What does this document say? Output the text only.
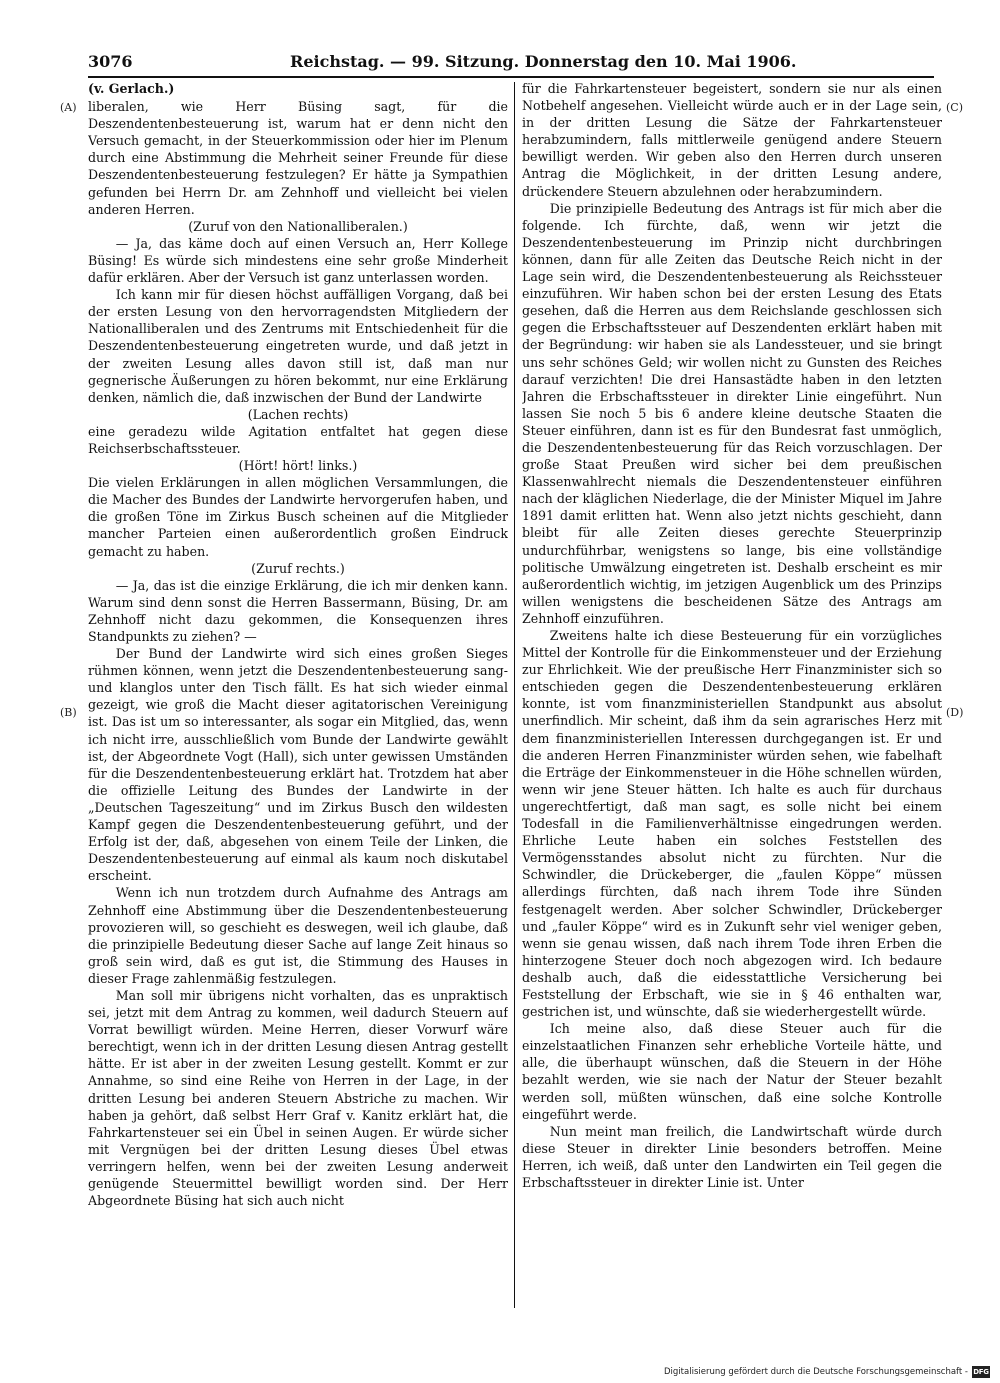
3076	Reichstag. — 99. Sitzung. Donnerstag den 10. Mai 1906.
(A)
(B)
(C)
(D)
(v. Gerlach.)

liberalen, wie Herr Büsing sagt, für die Deszendentenbesteuerung ist, warum hat er denn nicht den Versuch gemacht, in der Steuerkommission oder hier im Plenum durch eine Abstimmung die Mehrheit seiner Freunde für diese Deszendentenbesteuerung festzulegen? Er hätte ja Sympathien gefunden bei Herrn Dr. am Zehnhoff und vielleicht bei vielen anderen Herren.

(Zuruf von den Nationalliberalen.)

— Ja, das käme doch auf einen Versuch an, Herr Kollege Büsing! Es würde sich mindestens eine sehr große Minderheit dafür erklären. Aber der Versuch ist ganz unterlassen worden.

Ich kann mir für diesen höchst auffälligen Vorgang, daß bei der ersten Lesung von den hervorragendsten Mitgliedern der Nationalliberalen und des Zentrums mit Entschiedenheit für die Deszendentenbesteuerung eingetreten wurde, und daß jetzt in der zweiten Lesung alles davon still ist, daß man nur gegnerische Äußerungen zu hören bekommt, nur eine Erklärung denken, nämlich die, daß inzwischen der Bund der Landwirte

(Lachen rechts)

eine geradezu wilde Agitation entfaltet hat gegen diese Reichserbschaftssteuer.

(Hört! hört! links.)

Die vielen Erklärungen in allen möglichen Versammlungen, die die Macher des Bundes der Landwirte hervorgerufen haben, und die großen Töne im Zirkus Busch scheinen auf die Mitglieder mancher Parteien einen außerordentlich großen Eindruck gemacht zu haben.

(Zuruf rechts.)

— Ja, das ist die einzige Erklärung, die ich mir denken kann. Warum sind denn sonst die Herren Bassermann, Büsing, Dr. am Zehnhoff nicht dazu gekommen, die Konsequenzen ihres Standpunkts zu ziehen? —

Der Bund der Landwirte wird sich eines großen Sieges rühmen können, wenn jetzt die Deszendentenbesteuerung sang- und klanglos unter den Tisch fällt. Es hat sich wieder einmal gezeigt, wie groß die Macht dieser agitatorischen Vereinigung ist. Das ist um so interessanter, als sogar ein Mitglied, das, wenn ich nicht irre, ausschließlich vom Bunde der Landwirte gewählt ist, der Abgeordnete Vogt (Hall), sich unter gewissen Umständen für die Deszendentenbesteuerung erklärt hat. Trotzdem hat aber die offizielle Leitung des Bundes der Landwirte in der „Deutschen Tageszeitung“ und im Zirkus Busch den wildesten Kampf gegen die Deszendentenbesteuerung geführt, und der Erfolg ist der, daß, abgesehen von einem Teile der Linken, die Deszendentenbesteuerung auf einmal als kaum noch diskutabel erscheint.

Wenn ich nun trotzdem durch Aufnahme des Antrags am Zehnhoff eine Abstimmung über die Deszendentenbesteuerung provozieren will, so geschieht es deswegen, weil ich glaube, daß die prinzipielle Bedeutung dieser Sache auf lange Zeit hinaus so groß sein wird, daß es gut ist, die Stimmung des Hauses in dieser Frage zahlenmäßig festzulegen.

Man soll mir übrigens nicht vorhalten, das es unpraktisch sei, jetzt mit dem Antrag zu kommen, weil dadurch Steuern auf Vorrat bewilligt würden. Meine Herren, dieser Vorwurf wäre berechtigt, wenn ich in der dritten Lesung diesen Antrag gestellt hätte. Er ist aber in der zweiten Lesung gestellt. Kommt er zur Annahme, so sind eine Reihe von Herren in der Lage, in der dritten Lesung bei anderen Steuern Abstriche zu machen. Wir haben ja gehört, daß selbst Herr Graf v. Kanitz erklärt hat, die Fahrkartensteuer sei ein Übel in seinen Augen. Er würde sicher mit Vergnügen bei der dritten Lesung dieses Übel etwas verringern helfen, wenn bei der zweiten Lesung anderweit genügende Steuermittel bewilligt worden sind. Der Herr Abgeordnete Büsing hat sich auch nicht

für die Fahrkartensteuer begeistert, sondern sie nur als einen Notbehelf angesehen. Vielleicht würde auch er in der Lage sein, in der dritten Lesung die Sätze der Fahrkartensteuer herabzumindern, falls mittlerweile genügend andere Steuern bewilligt werden. Wir geben also den Herren durch unseren Antrag die Möglichkeit, in der dritten Lesung andere, drückendere Steuern abzulehnen oder herabzumindern.

Die prinzipielle Bedeutung des Antrags ist für mich aber die folgende. Ich fürchte, daß, wenn wir jetzt die Deszendentenbesteuerung im Prinzip nicht durchbringen können, dann für alle Zeiten das Deutsche Reich nicht in der Lage sein wird, die Deszendentenbesteuerung als Reichssteuer einzuführen. Wir haben schon bei der ersten Lesung des Etats gesehen, daß die Herren aus dem Reichslande geschlossen sich gegen die Erbschaftssteuer auf Deszendenten erklärt haben mit der Begründung: wir haben sie als Landessteuer, und sie bringt uns sehr schönes Geld; wir wollen nicht zu Gunsten des Reiches darauf verzichten! Die drei Hansastädte haben in den letzten Jahren die Erbschaftssteuer in direkter Linie eingeführt. Nun lassen Sie noch 5 bis 6 andere kleine deutsche Staaten die Steuer einführen, dann ist es für den Bundesrat fast unmöglich, die Deszendentenbesteuerung für das Reich vorzuschlagen. Der große Staat Preußen wird sicher bei dem preußischen Klassenwahlrecht niemals die Deszendentensteuer einführen nach der kläglichen Niederlage, die der Minister Miquel im Jahre 1891 damit erlitten hat. Wenn also jetzt nichts geschieht, dann bleibt für alle Zeiten dieses gerechte Steuerprinzip undurchführbar, wenigstens so lange, bis eine vollständige politische Umwälzung eingetreten ist. Deshalb erscheint es mir außerordentlich wichtig, im jetzigen Augenblick um des Prinzips willen wenigstens die bescheidenen Sätze des Antrags am Zehnhoff einzuführen.

Zweitens halte ich diese Besteuerung für ein vorzügliches Mittel der Kontrolle für die Einkommensteuer und der Erziehung zur Ehrlichkeit. Wie der preußische Herr Finanzminister sich so entschieden gegen die Deszendentenbesteuerung erklären konnte, ist vom finanzministeriellen Standpunkt aus absolut unerfindlich. Mir scheint, daß ihm da sein agrarisches Herz mit dem finanzministeriellen Interessen durchgegangen ist. Er und die anderen Herren Finanzminister würden sehen, wie fabelhaft die Erträge der Einkommensteuer in die Höhe schnellen würden, wenn wir jene Steuer hätten. Ich halte es auch für durchaus ungerechtfertigt, daß man sagt, es solle nicht bei einem Todesfall in die Familienverhältnisse eingedrungen werden. Ehrliche Leute haben ein solches Feststellen des Vermögensstandes absolut nicht zu fürchten. Nur die Schwindler, die Drückeberger, die „faulen Köppe“ müssen allerdings fürchten, daß nach ihrem Tode ihre Sünden festgenagelt werden. Aber solcher Schwindler, Drückeberger und „fauler Köppe“ wird es in Zukunft sehr viel weniger geben, wenn sie genau wissen, daß nach ihrem Tode ihren Erben die hinterzogene Steuer doch noch abgezogen wird. Ich bedaure deshalb auch, daß die eidesstattliche Versicherung bei Feststellung der Erbschaft, wie sie in § 46 enthalten war, gestrichen ist, und wünschte, daß sie wiederhergestellt würde.

Ich meine also, daß diese Steuer auch für die einzelstaatlichen Finanzen sehr erhebliche Vorteile hätte, und alle, die überhaupt wünschen, daß die Steuern in der Höhe bezahlt werden, wie sie nach der Natur der Steuer bezahlt werden soll, müßten wünschen, daß eine solche Kontrolle eingeführt werde.

Nun meint man freilich, die Landwirtschaft würde durch diese Steuer in direkter Linie besonders betroffen. Meine Herren, ich weiß, daß unter den Landwirten ein Teil gegen die Erbschaftssteuer in direkter Linie ist. Unter

Digitalisierung gefördert durch die Deutsche Forschungsgemeinschaft - DFG
